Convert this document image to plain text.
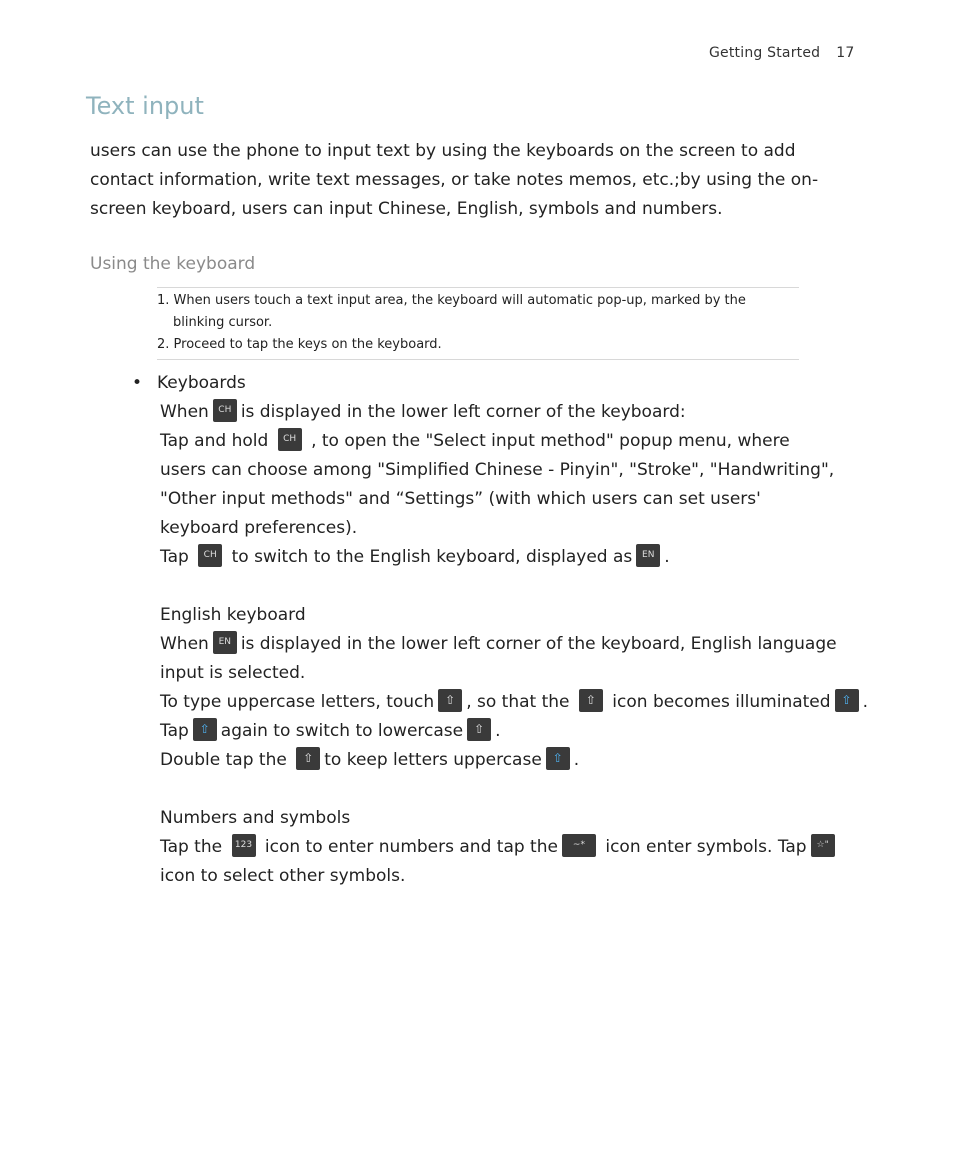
Getting Started 17
Text input

users can use the phone to input text by using the keyboards on the screen to add contact information, write text messages, or take notes memos, etc.;by using the on-screen keyboard, users can input Chinese, English, symbols and numbers.

Using the keyboard
1. When users touch a text input area, the keyboard will automatic pop-up, marked by the blinking cursor.
2. Proceed to tap the keys on the keyboard.
• Keyboards
When CH is displayed in the lower left corner of the keyboard:
Tap and hold CH , to open the "Select input method" popup menu, where
users can choose among "Simplified Chinese - Pinyin", "Stroke", "Handwriting",
"Other input methods" and “Settings” (with which users can set users'
keyboard preferences).
Tap CH to switch to the English keyboard, displayed as EN .
English keyboard
When EN is displayed in the lower left corner of the keyboard, English language
input is selected.
To type uppercase letters, touch ⇧ , so that the ⇧ icon becomes illuminated ⇧ .
Tap ⇧ again to switch to lowercase ⇧ .
Double tap the ⇧ to keep letters uppercase ⇧ .
Numbers and symbols
Tap the 123 icon to enter numbers and tap the ~* icon enter symbols. Tap ☆"
icon to select other symbols.
